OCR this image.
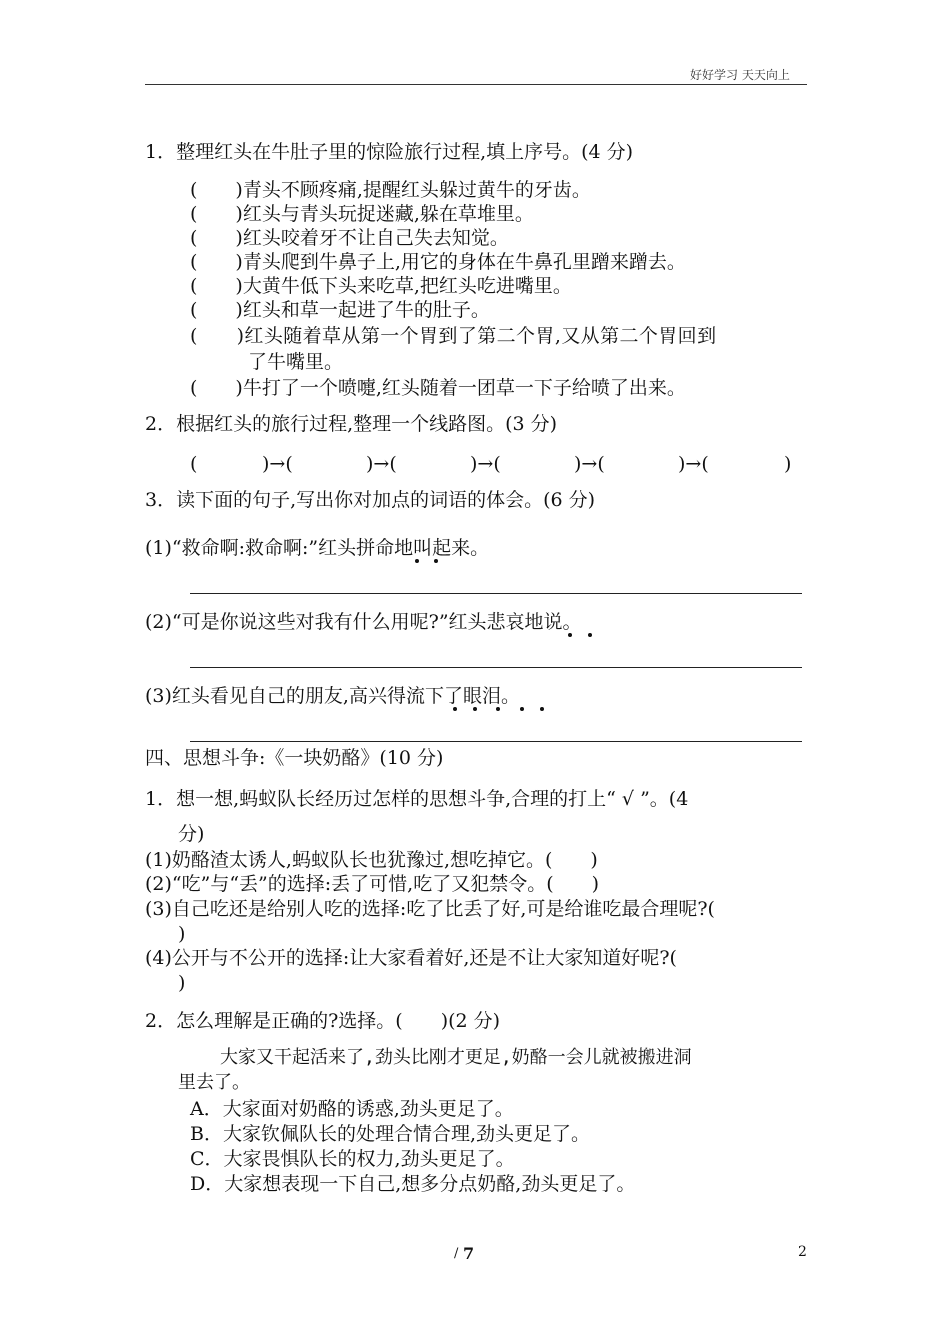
好好学习 天天向上
1．整理红头在牛肚子里的惊险旅行过程,填上序号。(4 分)
(　　)青头不顾疼痛,提醒红头躲过黄牛的牙齿。
(　　)红头与青头玩捉迷藏,躲在草堆里。
(　　)红头咬着牙不让自己失去知觉。
(　　)青头爬到牛鼻子上,用它的身体在牛鼻孔里蹭来蹭去。
(　　)大黄牛低下头来吃草,把红头吃进嘴里。
(　　)红头和草一起进了牛的肚子。
(　　)红头随着草从第一个胃到了第二个胃,又从第二个胃回到
了牛嘴里。
(　　)牛打了一个喷嚏,红头随着一团草一下子给喷了出来。
2．根据红头的旅行过程,整理一个线路图。(3 分)
(	)→(	)→(	)→(	)→(	)→(	)
3．读下面的句子,写出你对加点的词语的体会。(6 分)
(1)“救命啊:救命啊:”红头拼命地叫起来。
(2)“可是你说这些对我有什么用呢?”红头悲哀地说。
(3)红头看见自己的朋友,高兴得流下了眼泪。
四、思想斗争:《一块奶酪》(10 分)
1．想一想,蚂蚁队长经历过怎样的思想斗争,合理的打上“ √ ”。(4
分)
(1)奶酪渣太诱人,蚂蚁队长也犹豫过,想吃掉它。(　　)
(2)“吃”与“丢”的选择:丢了可惜,吃了又犯禁令。(　　)
(3)自己吃还是给别人吃的选择:吃了比丢了好,可是给谁吃最合理呢?(
)
(4)公开与不公开的选择:让大家看着好,还是不让大家知道好呢?(
)
2．怎么理解是正确的?选择。(　　)(2 分)
大家又干起活来了,劲头比刚才更足,奶酪一会儿就被搬进洞
里去了。
A．大家面对奶酪的诱惑,劲头更足了。
B．大家钦佩队长的处理合情合理,劲头更足了。
C．大家畏惧队长的权力,劲头更足了。
D．大家想表现一下自己,想多分点奶酪,劲头更足了。
/ 7	2
